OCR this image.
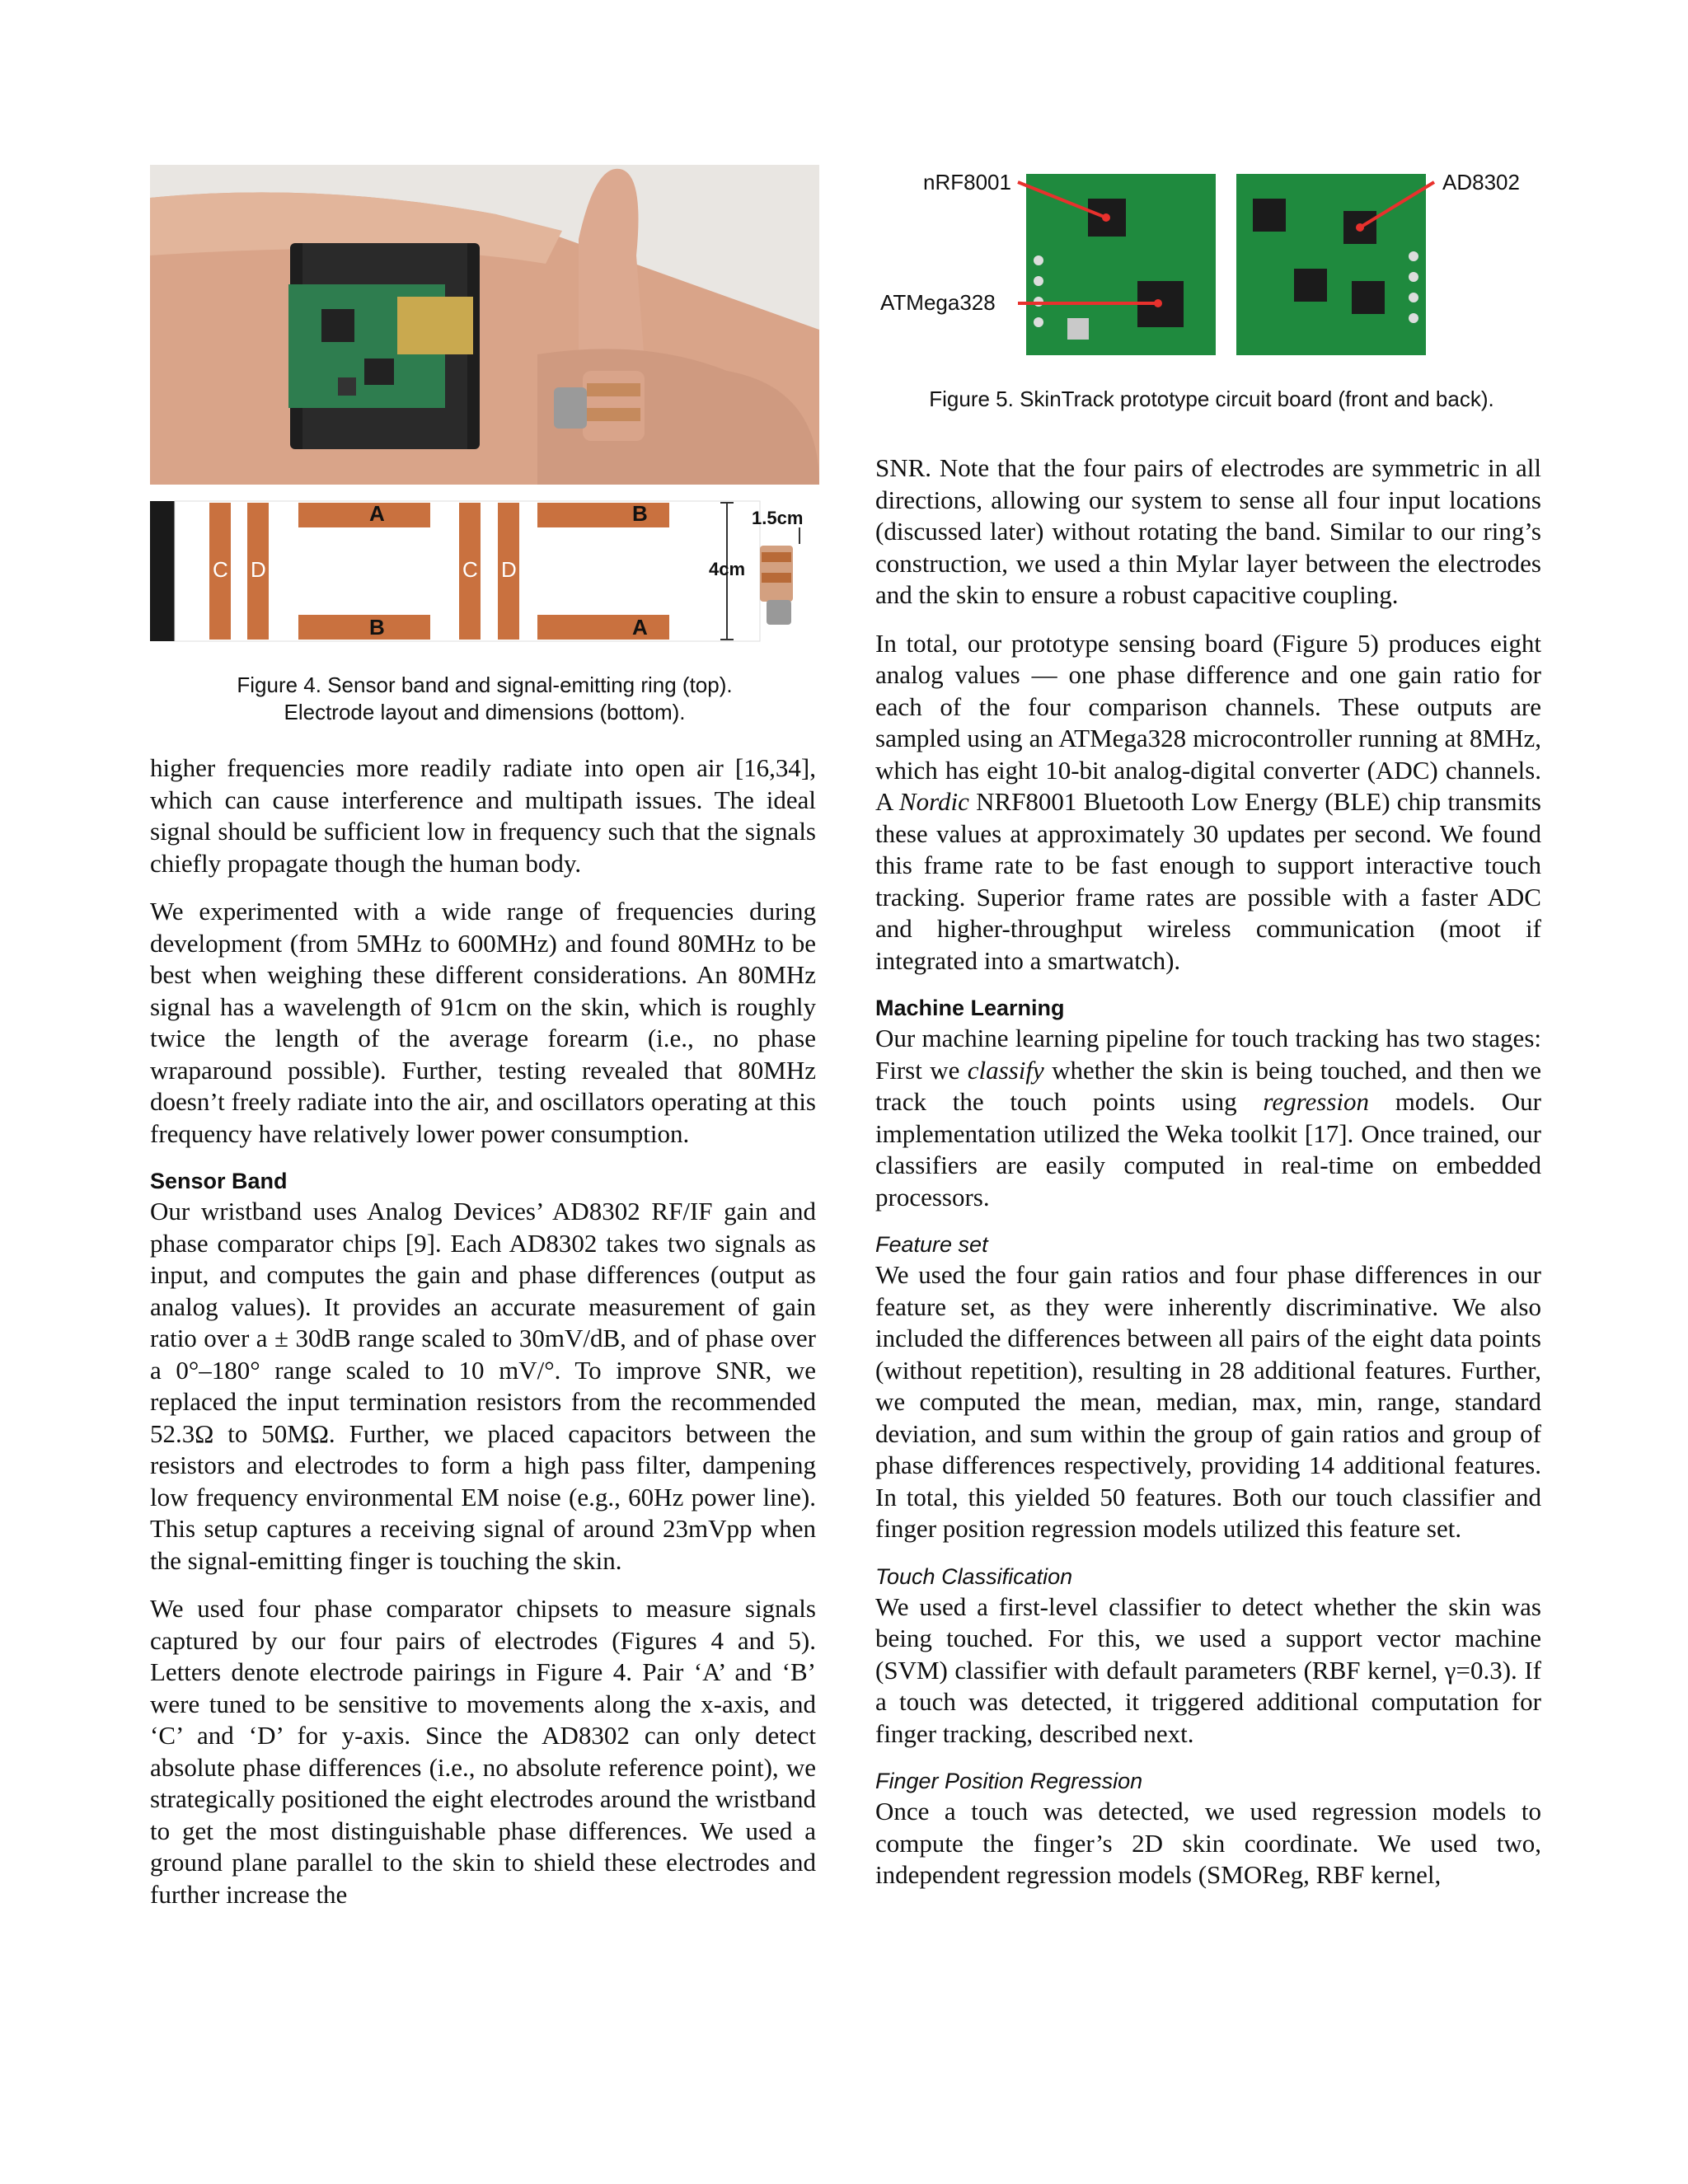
A	B
B	A
C D	C D
1.5cm
4cm
Figure 4. Sensor band and signal-emitting ring (top).
Electrode layout and dimensions (bottom).
nRF8001
ATMega328
AD8302
Figure 5. SkinTrack prototype circuit board (front and back).

higher frequencies more readily radiate into open air [16,34], which can cause interference and multipath issues. The ideal signal should be sufficient low in frequency such that the signals chiefly propagate though the human body.

We experimented with a wide range of frequencies during development (from 5MHz to 600MHz) and found 80MHz to be best when weighing these different considerations. An 80MHz signal has a wavelength of 91cm on the skin, which is roughly twice the length of the average forearm (i.e., no phase wraparound possible). Further, testing revealed that 80MHz doesn’t freely radiate into the air, and oscillators operating at this frequency have relatively lower power consumption.

Sensor Band

Our wristband uses Analog Devices’ AD8302 RF/IF gain and phase comparator chips [9]. Each AD8302 takes two signals as input, and computes the gain and phase differences (output as analog values). It provides an accurate measurement of gain ratio over a ± 30dB range scaled to 30mV/dB, and of phase over a 0°–180° range scaled to 10 mV/°. To improve SNR, we replaced the input termination resistors from the recommended 52.3Ω to 50MΩ. Further, we placed capacitors between the resistors and electrodes to form a high pass filter, dampening low frequency environmental EM noise (e.g., 60Hz power line). This setup captures a receiving signal of around 23mVpp when the signal-emitting finger is touching the skin.

We used four phase comparator chipsets to measure signals captured by our four pairs of electrodes (Figures 4 and 5). Letters denote electrode pairings in Figure 4. Pair ‘A’ and ‘B’ were tuned to be sensitive to movements along the x-axis, and ‘C’ and ‘D’ for y-axis. Since the AD8302 can only detect absolute phase differences (i.e., no absolute reference point), we strategically positioned the eight electrodes around the wristband to get the most distinguishable phase differences. We used a ground plane parallel to the skin to shield these electrodes and further increase the

SNR. Note that the four pairs of electrodes are symmetric in all directions, allowing our system to sense all four input locations (discussed later) without rotating the band. Similar to our ring’s construction, we used a thin Mylar layer between the electrodes and the skin to ensure a robust capacitive coupling.

In total, our prototype sensing board (Figure 5) produces eight analog values — one phase difference and one gain ratio for each of the four comparison channels. These outputs are sampled using an ATMega328 microcontroller running at 8MHz, which has eight 10-bit analog-digital converter (ADC) channels. A Nordic NRF8001 Bluetooth Low Energy (BLE) chip transmits these values at approximately 30 updates per second. We found this frame rate to be fast enough to support interactive touch tracking. Superior frame rates are possible with a faster ADC and higher-throughput wireless communication (moot if integrated into a smartwatch).

Machine Learning

Our machine learning pipeline for touch tracking has two stages: First we classify whether the skin is being touched, and then we track the touch points using regression models. Our implementation utilized the Weka toolkit [17]. Once trained, our classifiers are easily computed in real-time on embedded processors.

Feature set

We used the four gain ratios and four phase differences in our feature set, as they were inherently discriminative. We also included the differences between all pairs of the eight data points (without repetition), resulting in 28 additional features. Further, we computed the mean, median, max, min, range, standard deviation, and sum within the group of gain ratios and group of phase differences respectively, providing 14 additional features. In total, this yielded 50 features. Both our touch classifier and finger position regression models utilized this feature set.

Touch Classification

We used a first-level classifier to detect whether the skin was being touched. For this, we used a support vector machine (SVM) classifier with default parameters (RBF kernel, γ=0.3). If a touch was detected, it triggered additional computation for finger tracking, described next.

Finger Position Regression

Once a touch was detected, we used regression models to compute the finger’s 2D skin coordinate. We used two, independent regression models (SMOReg, RBF kernel,
